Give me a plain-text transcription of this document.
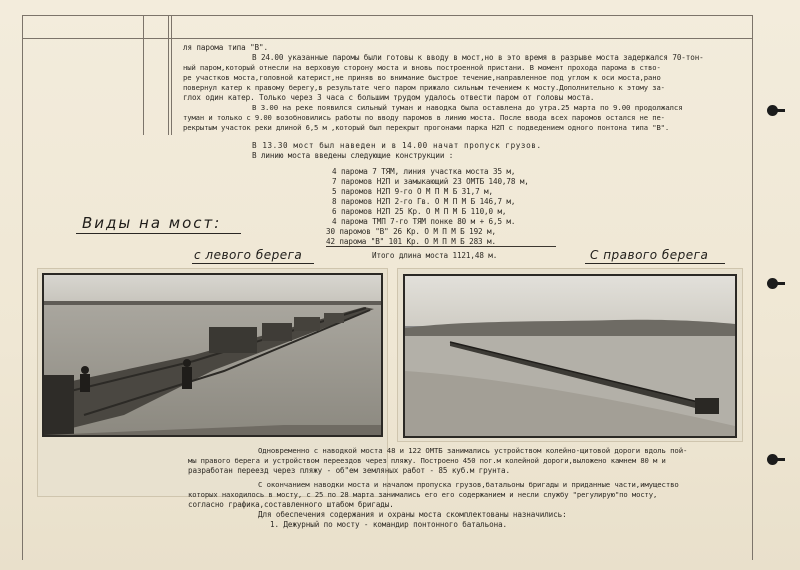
ля парома типа "В".
В 24.00 указанные паромы были готовы к вводу в мост,но в это время в разрыве моста задержался 70-тон-
ный паром,который отнесли на верховую сторону моста и вновь построенной пристани. В момент прохода парома в ство-
ре участков моста,головной катерист,не приняв во внимание быстрое течение,направленное под углом к оси моста,рано
повернул катер к правому берегу,в результате чего паром прижало сильным течением к мосту.Дополнительно к этому за-
глох один катер. Только через 3 часа с большим трудом удалось отвести паром от головы моста.
В 3.00 на реке появился сильный туман и наводка была оставлена до утра.25 марта по 9.00 продолжался
туман и только с 9.00 возобновились работы по вводу паромов в линию моста. После ввода всех паромов остался не пе-
рекрытым участок реки длиной 6,5 м ,который был перекрыт прогонами парка Н2П с подведением одного понтона типа "В".
В 13.30 мост был наведен и в 14.00 начат пропуск грузов.
В линию моста введены следующие конструкции :
4 парома 7 ТЯМ, линия участка моста 35 м,
7 паромов Н2П и замыкающий 23 ОМТБ 140,78 м,
5 паромов Н2П 9-го О М П М Б 31,7 м,
8 паромов Н2П 2-го Гв. О М П М Б 146,7 м,
6 паромов Н2П 25 Кр. О М П М Б 110,0 м,
4 парома ТМП 7-го ТЯМ понке 80 м + 6,5 м.
30 паромов "В" 26 Кр. О М П М Б 192 м,
42 парома "В" 101 Кр. О М П М Б 283 м.
Итого длина моста 1121,48 м.
Виды на мост:
с левого берега	С правого берега
Одновременно с наводкой моста 48 и 122 ОМТБ занимались устройством колейно-щитовой дороги вдоль пой-
мы правого берега и устройством переездов через пляжу. Построено 450 пог.м колейной дороги,выложено камнем 80 м и
разработан переезд через пляжу - об"ем земляных работ - 85 куб.м грунта.
С окончанием наводки моста и началом пропуска грузов,батальоны бригады и приданные части,имущество
которых находилось в мосту, с 25 по 28 марта занимались его его содержанием и несли службу "регулирую"по мосту,
согласно графика,составленного штабом бригады.
Для обеспечения содержания и охраны моста скомплектованы назначились:
1. Дежурный по мосту - командир понтонного батальона.
